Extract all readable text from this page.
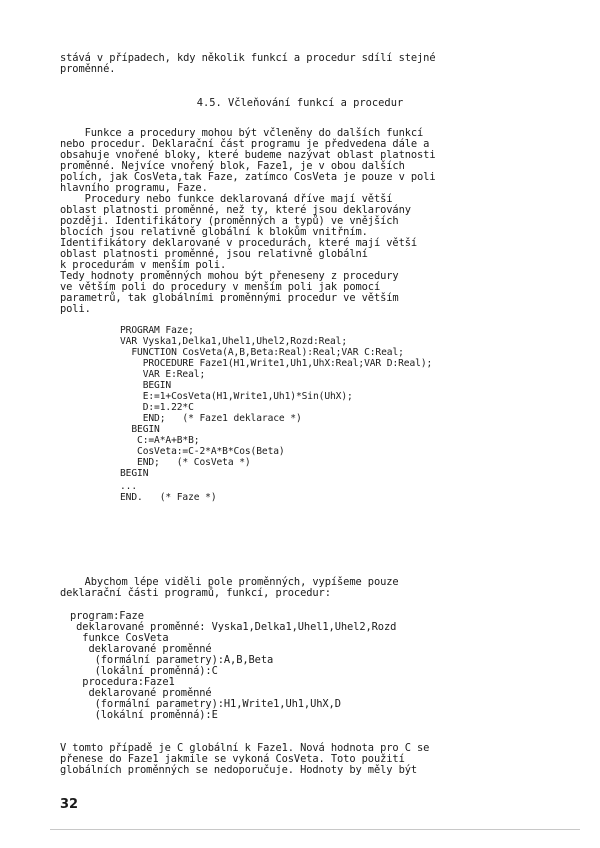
stává v případech, kdy několik funkcí a procedur sdílí stejné
proměnné.
4.5. Včleňování funkcí a procedur
Funkce a procedury mohou být včleněny do dalších funkcí
nebo procedur. Deklarační část programu je předvedena dále a
obsahuje vnořené bloky, které budeme nazývat oblast platnosti
proměnné. Nejvíce vnořený blok, Faze1, je v obou dalších
polích, jak CosVeta,tak Faze, zatímco CosVeta je pouze v poli
hlavního programu, Faze.
Procedury nebo funkce deklarovaná dříve mají větší
oblast platnosti proměnné, než ty, které jsou deklarovány
později. Identifikátory (proměnných a typů) ve vnějších
blocích jsou relativně globální k blokům vnitřním.
Identifikátory deklarované v procedurách, které mají větší
oblast platnosti proměnné, jsou relativně globální
k procedurám v menším poli.
Tedy hodnoty proměnných mohou být přeneseny z procedury
ve větším poli do procedury v menším poli jak pomocí
parametrů, tak globálními proměnnými procedur ve větším
poli.
PROGRAM Faze;
VAR Vyska1,Delka1,Uhel1,Uhel2,Rozd:Real;
FUNCTION CosVeta(A,B,Beta:Real):Real;VAR C:Real;
PROCEDURE Faze1(H1,Write1,Uh1,UhX:Real;VAR D:Real);
VAR E:Real;
BEGIN
E:=1+CosVeta(H1,Write1,Uh1)*Sin(UhX);
D:=1.22*C
END;   (* Faze1 deklarace *)
BEGIN
C:=A*A+B*B;
CosVeta:=C-2*A*B*Cos(Beta)
END;   (* CosVeta *)
BEGIN
...
END.   (* Faze *)
Abychom lépe viděli pole proměnných, vypíšeme pouze
deklarační části programů, funkcí, procedur:
program:Faze
deklarované proměnné: Vyska1,Delka1,Uhel1,Uhel2,Rozd
funkce CosVeta
deklarované proměnné
(formální parametry):A,B,Beta
(lokální proměnná):C
procedura:Faze1
deklarované proměnné
(formální parametry):H1,Write1,Uh1,UhX,D
(lokální proměnná):E
V tomto případě je C globální k Faze1. Nová hodnota pro C se
přenese do Faze1 jakmile se vykoná CosVeta. Toto použití
globálních proměnných se nedoporučuje. Hodnoty by měly být
32
